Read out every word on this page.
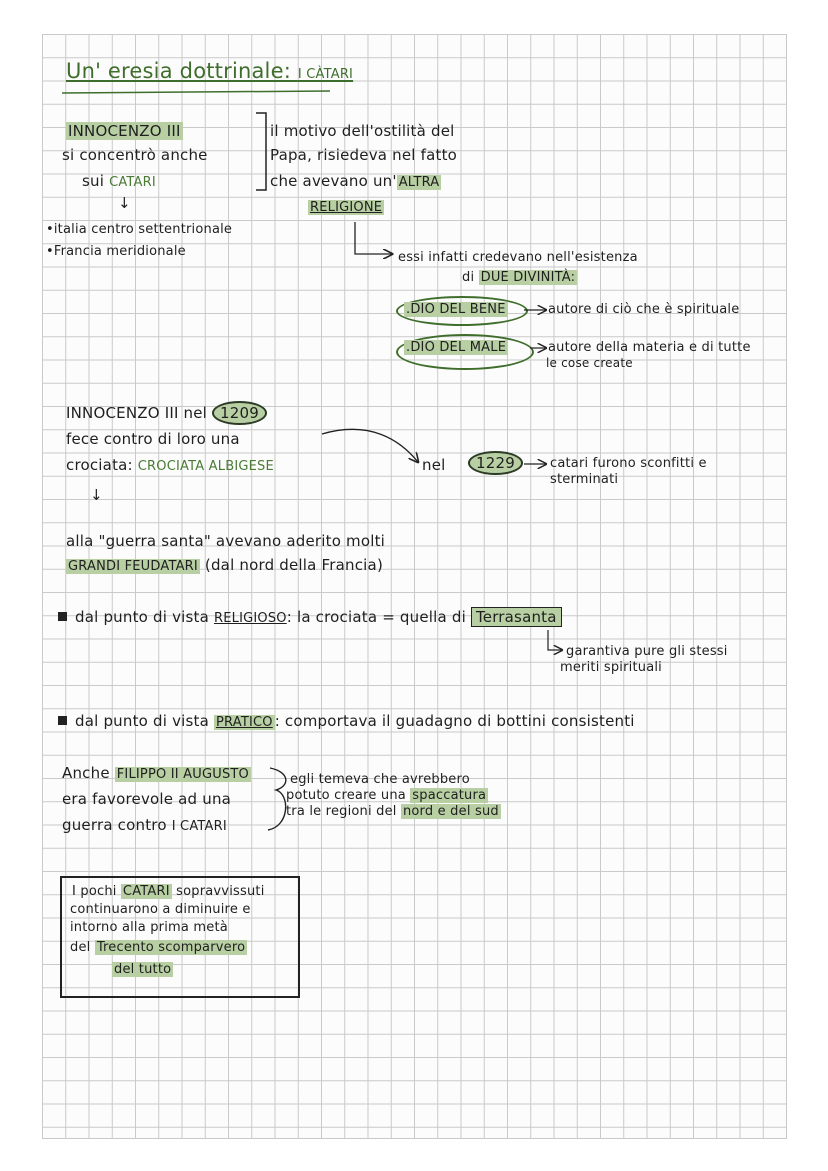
Un' eresia dottrinale: I CÀTARI
INNOCENZO III
si concentrò anche
sui CATARI
↓
•italia centro settentrionale
•Francia meridionale
il motivo dell'ostilità del
Papa, risiedeva nel fatto
che avevano un' ALTRA
RELIGIONE
essi infatti credevano nell'esistenza
di DUE DIVINITÀ:
.DIO DEL BENE	autore di ciò che è spirituale
.DIO DEL MALE	autore della materia e di tutte
le cose create
INNOCENZO III nel 1209
fece contro di loro una
crociata: CROCIATA ALBIGESE
↓
nel	1229	catari furono sconfitti e
sterminati
alla "guerra santa" avevano aderito molti
GRANDI FEUDATARI (dal nord della Francia)
dal punto di vista RELIGIOSO: la crociata = quella di Terrasanta
garantiva pure gli stessi
meriti spirituali
dal punto di vista PRATICO : comportava il guadagno di bottini consistenti
Anche FILIPPO II AUGUSTO
era favorevole ad una
guerra contro I CATARI
egli temeva che avrebbero
potuto creare una spaccatura
tra le regioni del nord e del sud
I pochi CATARI sopravvissuti
continuarono a diminuire e
intorno alla prima metà
del Trecento scomparvero
del tutto
